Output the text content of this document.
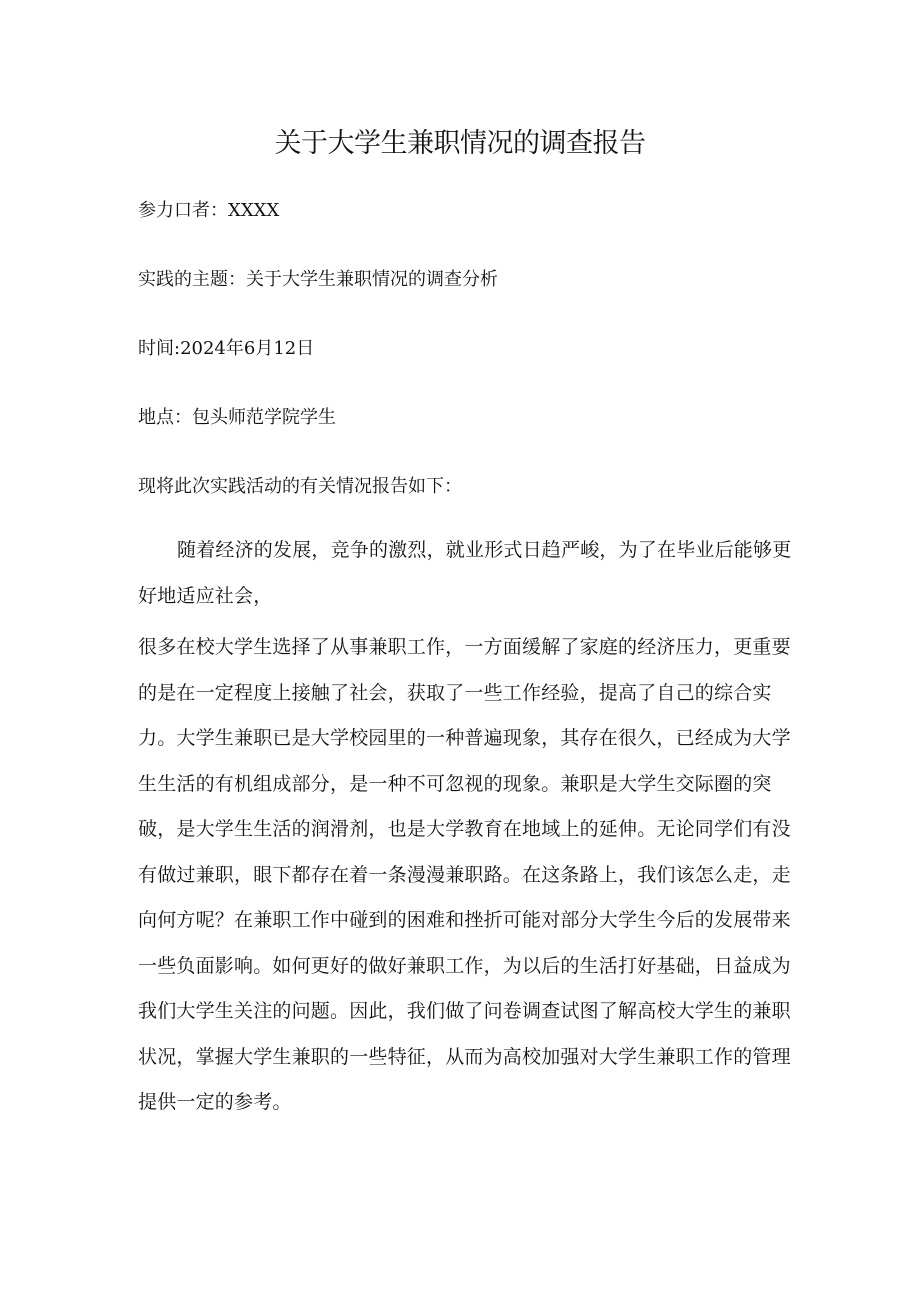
关于大学生兼职情况的调查报告
参力口者：XXXX
实践的主题：关于大学生兼职情况的调查分析
时间:2024年6月12日
地点：包头师范学院学生
现将此次实践活动的有关情况报告如下：

随着经济的发展，竞争的激烈，就业形式日趋严峻，为了在毕业后能够更好地适应社会，

很多在校大学生选择了从事兼职工作，一方面缓解了家庭的经济压力，更重要的是在一定程度上接触了社会，获取了一些工作经验，提高了自己的综合实力。大学生兼职已是大学校园里的一种普遍现象，其存在很久，已经成为大学生生活的有机组成部分，是一种不可忽视的现象。兼职是大学生交际圈的突破，是大学生生活的润滑剂，也是大学教育在地域上的延伸。无论同学们有没有做过兼职，眼下都存在着一条漫漫兼职路。在这条路上，我们该怎么走，走向何方呢？在兼职工作中碰到的困难和挫折可能对部分大学生今后的发展带来一些负面影响。如何更好的做好兼职工作，为以后的生活打好基础，日益成为我们大学生关注的问题。因此，我们做了问卷调查试图了解高校大学生的兼职状况，掌握大学生兼职的一些特征，从而为高校加强对大学生兼职工作的管理提供一定的参考。
